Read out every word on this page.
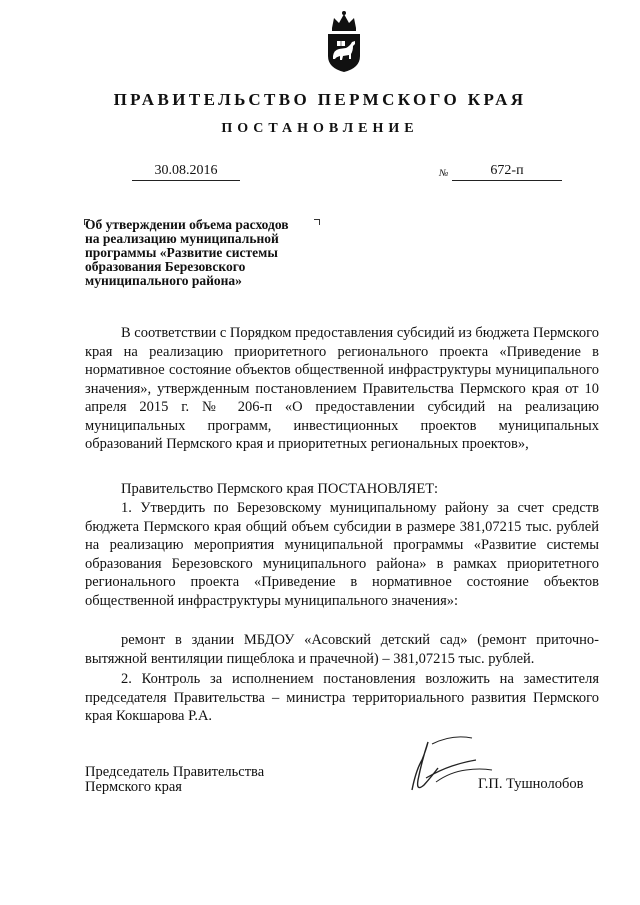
ПРАВИТЕЛЬСТВО ПЕРМСКОГО КРАЯ
ПОСТАНОВЛЕНИЕ
30.08.2016	№	672-п
Об утверждении объема расходов
на реализацию муниципальной
программы «Развитие системы
образования Березовского
муниципального района»

В соответствии с Порядком предоставления субсидий из бюджета Пермского края на реализацию приоритетного регионального проекта «Приведение в нормативное состояние объектов общественной инфраструктуры муниципального значения», утвержденным постановлением Правительства Пермского края от 10 апреля 2015 г. № 206-п «О предоставлении субсидий на реализацию муниципальных программ, инвестиционных проектов муниципальных образований Пермского края и приоритетных региональных проектов»,

Правительство Пермского края ПОСТАНОВЛЯЕТ:

1. Утвердить по Березовскому муниципальному району за счет средств бюджета Пермского края общий объем субсидии в размере 381,07215 тыс. рублей на реализацию мероприятия муниципальной программы «Развитие системы образования Березовского муниципального района» в рамках приоритетного регионального проекта «Приведение в нормативное состояние объектов общественной инфраструктуры муниципального значения»:

ремонт в здании МБДОУ «Асовский детский сад» (ремонт приточно-вытяжной вентиляции пищеблока и прачечной) – 381,07215 тыс. рублей.

2. Контроль за исполнением постановления возложить на заместителя председателя Правительства – министра территориального развития Пермского края Кокшарова Р.А.

Председатель Правительства
Пермского края	Г.П. Тушнолобов
